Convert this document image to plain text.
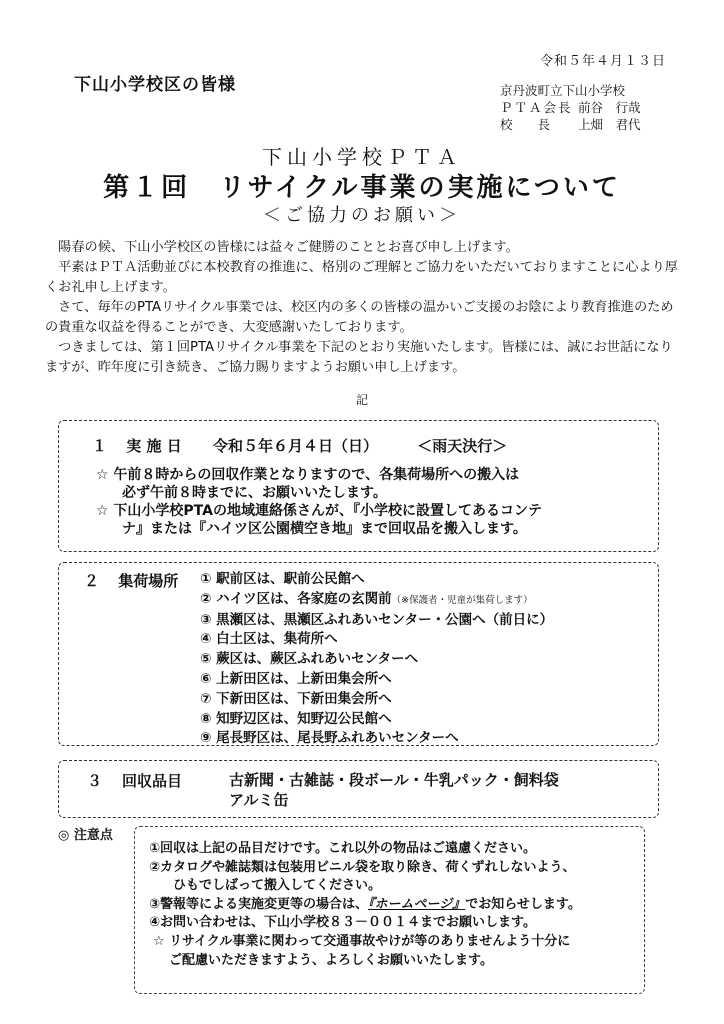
令和５年４月１３日
下山小学校区の皆様	京丹波町立下山小学校
ＰＴＡ会長 前谷　行哉
校　　長 上畑　君代
下山小学校ＰＴＡ
第１回　リサイクル事業の実施について
＜ご協力のお願い＞

　陽春の候、下山小学校区の皆様には益々ご健勝のこととお喜び申し上げます。

　平素はＰＴＡ活動並びに本校教育の推進に、格別のご理解とご協力をいただいておりますことに心より厚くお礼申し上げます。

　さて、毎年のPTAリサイクル事業では、校区内の多くの皆様の温かいご支援のお陰により教育推進のための貴重な収益を得ることができ、大変感謝いたしております。

　つきましては、第１回PTAリサイクル事業を下記のとおり実施いたします。皆様には、誠にお世話になりますが、昨年度に引き続き、ご協力賜りますようお願い申し上げます。

記
１ 実 施 日 令和５年６月４日（日）	＜雨天決行＞
☆ 午前８時からの回収作業となりますので、各集荷場所への搬入は
必ず午前８時までに、お願いいたします。
☆ 下山小学校PTAの地域連絡係さんが、『小学校に設置してあるコンテ
ナ』または『ハイツ区公園横空き地』まで回収品を搬入します。
２ 集荷場所 ① 駅前区は、駅前公民館へ
② ハイツ区は、各家庭の玄関前（※保護者・児童が集荷します）
③ 黒瀬区は、黒瀬区ふれあいセンター・公園へ（前日に）
④ 白土区は、集荷所へ
⑤ 蕨区は、蕨区ふれあいセンターへ
⑥ 上新田区は、上新田集会所へ
⑦ 下新田区は、下新田集会所へ
⑧ 知野辺区は、知野辺公民館へ
⑨ 尾長野区は、尾長野ふれあいセンターへ
３ 回収品目	古新聞・古雑誌・段ボール・牛乳パック・飼料袋
アルミ缶
◎ 注意点
①回収は上記の品目だけです。これ以外の物品はご遠慮ください。
②カタログや雑誌類は包装用ビニル袋を取り除き、荷くずれしないよう、
ひもでしばって搬入してください。
③警報等による実施変更等の場合は、『ホームページ』でお知らせします。
④お問い合わせは、下山小学校８３－００１４までお願いします。
☆ リサイクル事業に関わって交通事故やけが等のありませんよう十分に
ご配慮いただきますよう、よろしくお願いいたします。
